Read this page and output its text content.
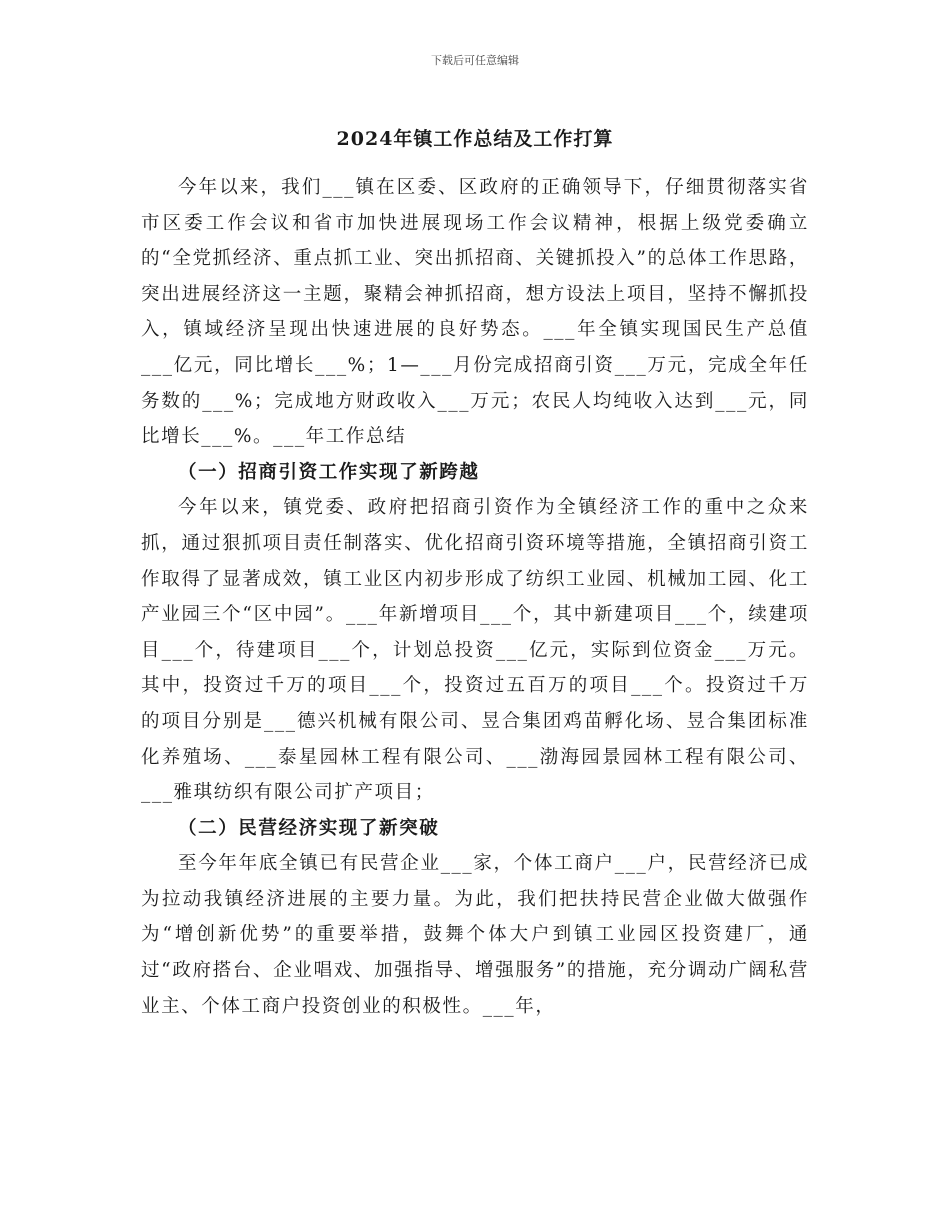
下载后可任意编辑
2024年镇工作总结及工作打算

今年以来，我们___镇在区委、区政府的正确领导下，仔细贯彻落实省市区委工作会议和省市加快进展现场工作会议精神，根据上级党委确立的“全党抓经济、重点抓工业、突出抓招商、关键抓投入”的总体工作思路，突出进展经济这一主题，聚精会神抓招商，想方设法上项目，坚持不懈抓投入，镇域经济呈现出快速进展的良好势态。___年全镇实现国民生产总值___亿元，同比增长___%；1—___月份完成招商引资___万元，完成全年任务数的___%；完成地方财政收入___万元；农民人均纯收入达到___元，同比增长___%。___年工作总结

（一）招商引资工作实现了新跨越

今年以来，镇党委、政府把招商引资作为全镇经济工作的重中之众来抓，通过狠抓项目责任制落实、优化招商引资环境等措施，全镇招商引资工作取得了显著成效，镇工业区内初步形成了纺织工业园、机械加工园、化工产业园三个“区中园”。___年新增项目___个，其中新建项目___个，续建项目___个，待建项目___个，计划总投资___亿元，实际到位资金___万元。其中，投资过千万的项目___个，投资过五百万的项目___个。投资过千万的项目分别是___德兴机械有限公司、昱合集团鸡苗孵化场、昱合集团标准化养殖场、___泰星园林工程有限公司、___渤海园景园林工程有限公司、___雅琪纺织有限公司扩产项目；

（二）民营经济实现了新突破

至今年年底全镇已有民营企业___家，个体工商户___户，民营经济已成为拉动我镇经济进展的主要力量。为此，我们把扶持民营企业做大做强作为“增创新优势”的重要举措，鼓舞个体大户到镇工业园区投资建厂，通过“政府搭台、企业唱戏、加强指导、增强服务”的措施，充分调动广阔私营业主、个体工商户投资创业的积极性。___年，
